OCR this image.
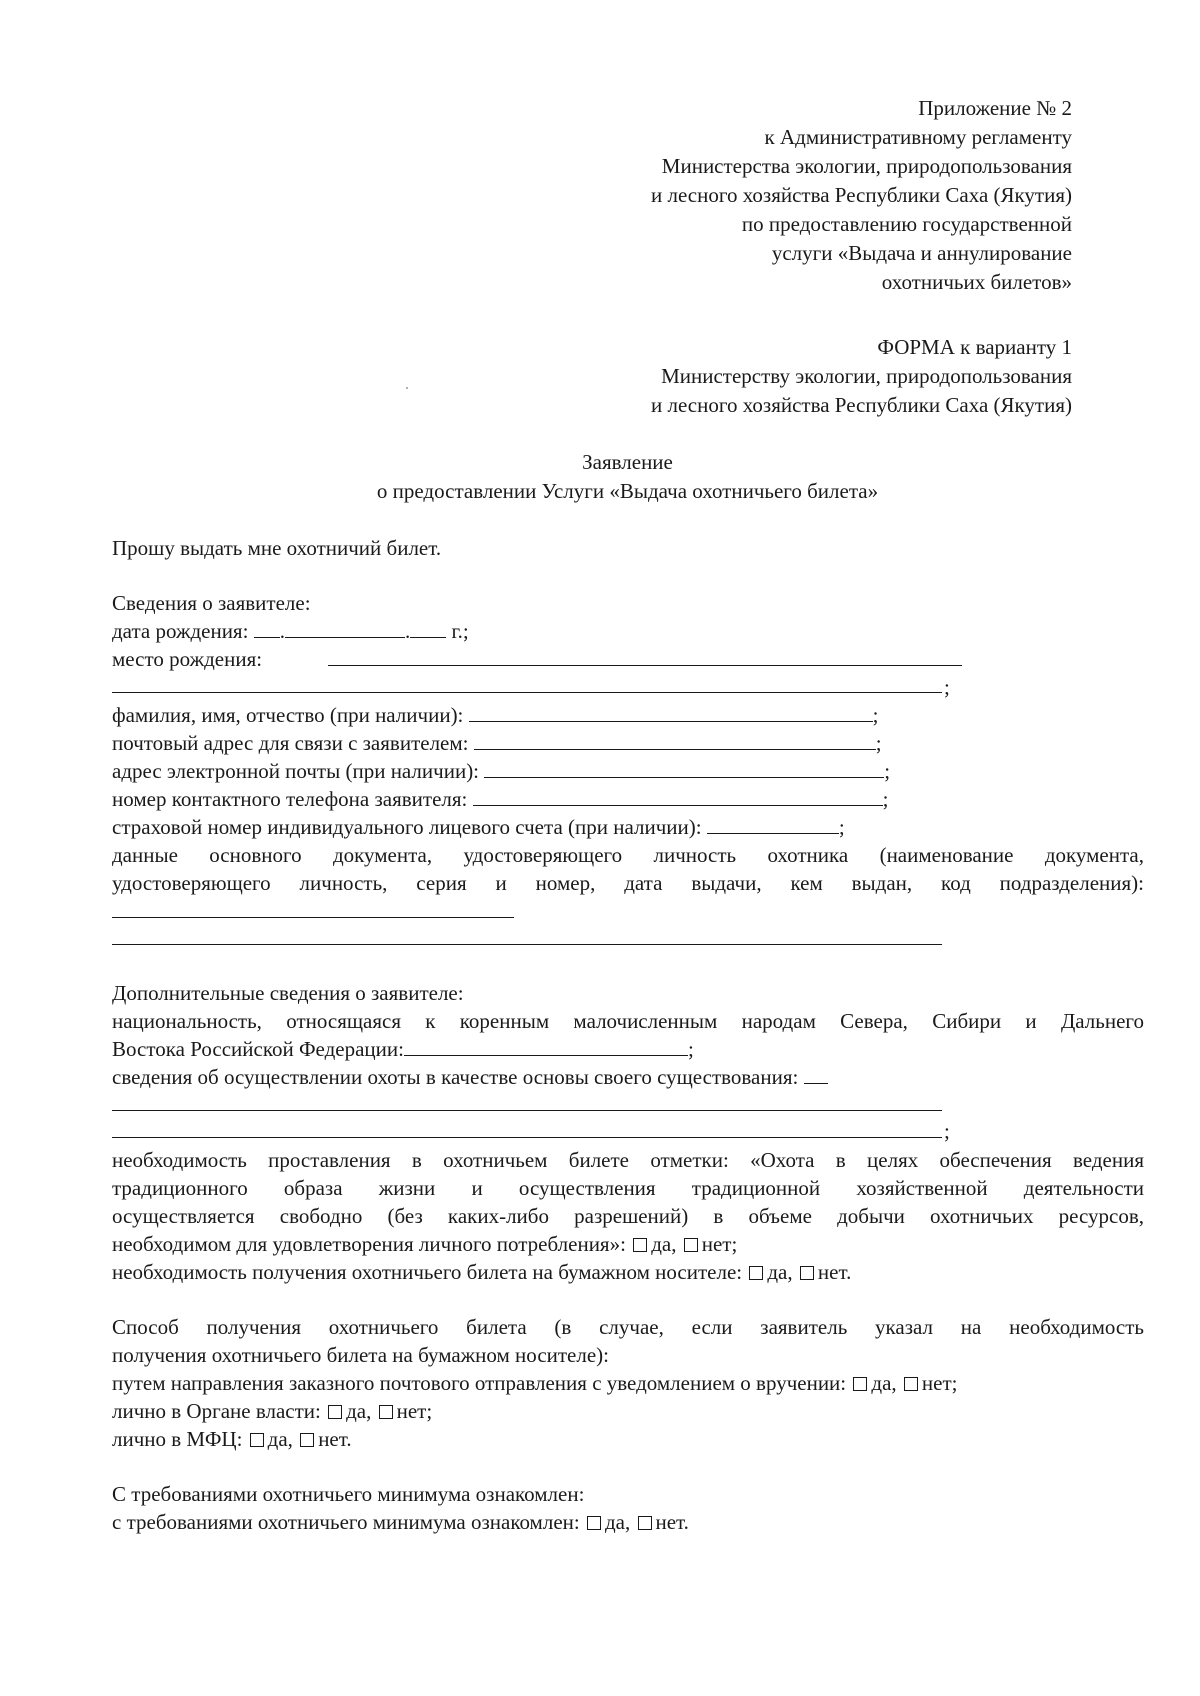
Приложение № 2
к Административному регламенту
Министерства экологии, природопользования
и лесного хозяйства Республики Саха (Якутия)
по предоставлению государственной
услуги «Выдача и аннулирование
охотничьих билетов»
ФОРМА к варианту 1
Министерству экологии, природопользования
и лесного хозяйства Республики Саха (Якутия)
Заявление
о предоставлении Услуги «Выдача охотничьего билета»
Прошу выдать мне охотничий билет.
Сведения о заявителе:
дата рождения: .	. г.;
место рождения:
;
фамилия, имя, отчество (при наличии):	;
почтовый адрес для связи с заявителем:	;
адрес электронной почты (при наличии):	;
номер контактного телефона заявителя:	;
страховой номер индивидуального лицевого счета (при наличии):	;
данные основного документа, удостоверяющего личность охотника (наименование документа,
удостоверяющего личность, серия и номер, дата выдачи, кем выдан, код подразделения):
Дополнительные сведения о заявителе:
национальность, относящаяся к коренным малочисленным народам Севера, Сибири и Дальнего
Востока Российской Федерации:	;
сведения об осуществлении охоты в качестве основы своего существования:
;
необходимость проставления в охотничьем билете отметки: «Охота в целях обеспечения ведения
традиционного образа жизни и осуществления традиционной хозяйственной деятельности
осуществляется свободно (без каких-либо разрешений) в объеме добычи охотничьих ресурсов,
необходимом для удовлетворения личного потребления»: да, нет;
необходимость получения охотничьего билета на бумажном носителе: да, нет.
Способ получения охотничьего билета (в случае, если заявитель указал на необходимость
получения охотничьего билета на бумажном носителе):
путем направления заказного почтового отправления с уведомлением о вручении: да, нет;
лично в Органе власти: да, нет;
лично в МФЦ: да, нет.
С требованиями охотничьего минимума ознакомлен:
с требованиями охотничьего минимума ознакомлен: да, нет.
